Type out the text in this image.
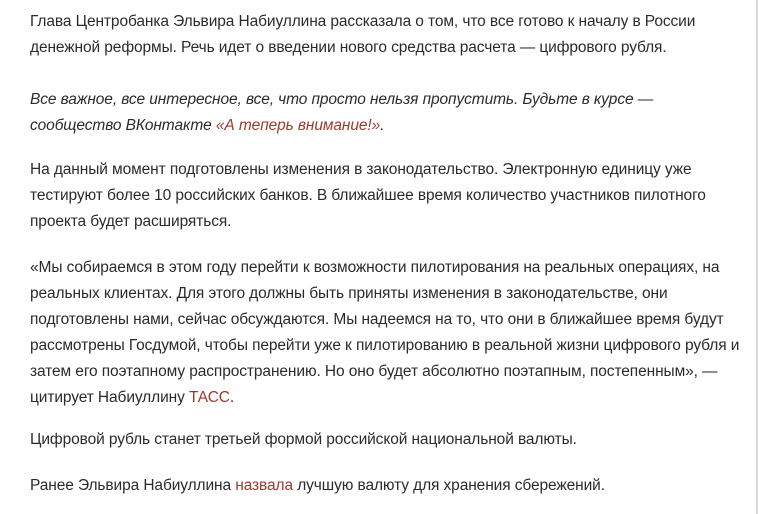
Глава Центробанка Эльвира Набиуллина рассказала о том, что все готово к началу в России денежной реформы. Речь идет о введении нового средства расчета — цифрового рубля.

Все важное, все интересное, все, что просто нельзя пропустить. Будьте в курсе — сообщество ВКонтакте «А теперь внимание!».

На данный момент подготовлены изменения в законодательство. Электронную единицу уже тестируют более 10 российских банков. В ближайшее время количество участников пилотного проекта будет расширяться.

«Мы собираемся в этом году перейти к возможности пилотирования на реальных операциях, на реальных клиентах. Для этого должны быть приняты изменения в законодательстве, они подготовлены нами, сейчас обсуждаются. Мы надеемся на то, что они в ближайшее время будут рассмотрены Госдумой, чтобы перейти уже к пилотированию в реальной жизни цифрового рубля и затем его поэтапному распространению. Но оно будет абсолютно поэтапным, постепенным», — цитирует Набиуллину ТАСС.

Цифровой рубль станет третьей формой российской национальной валюты.

Ранее Эльвира Набиуллина назвала лучшую валюту для хранения сбережений.
